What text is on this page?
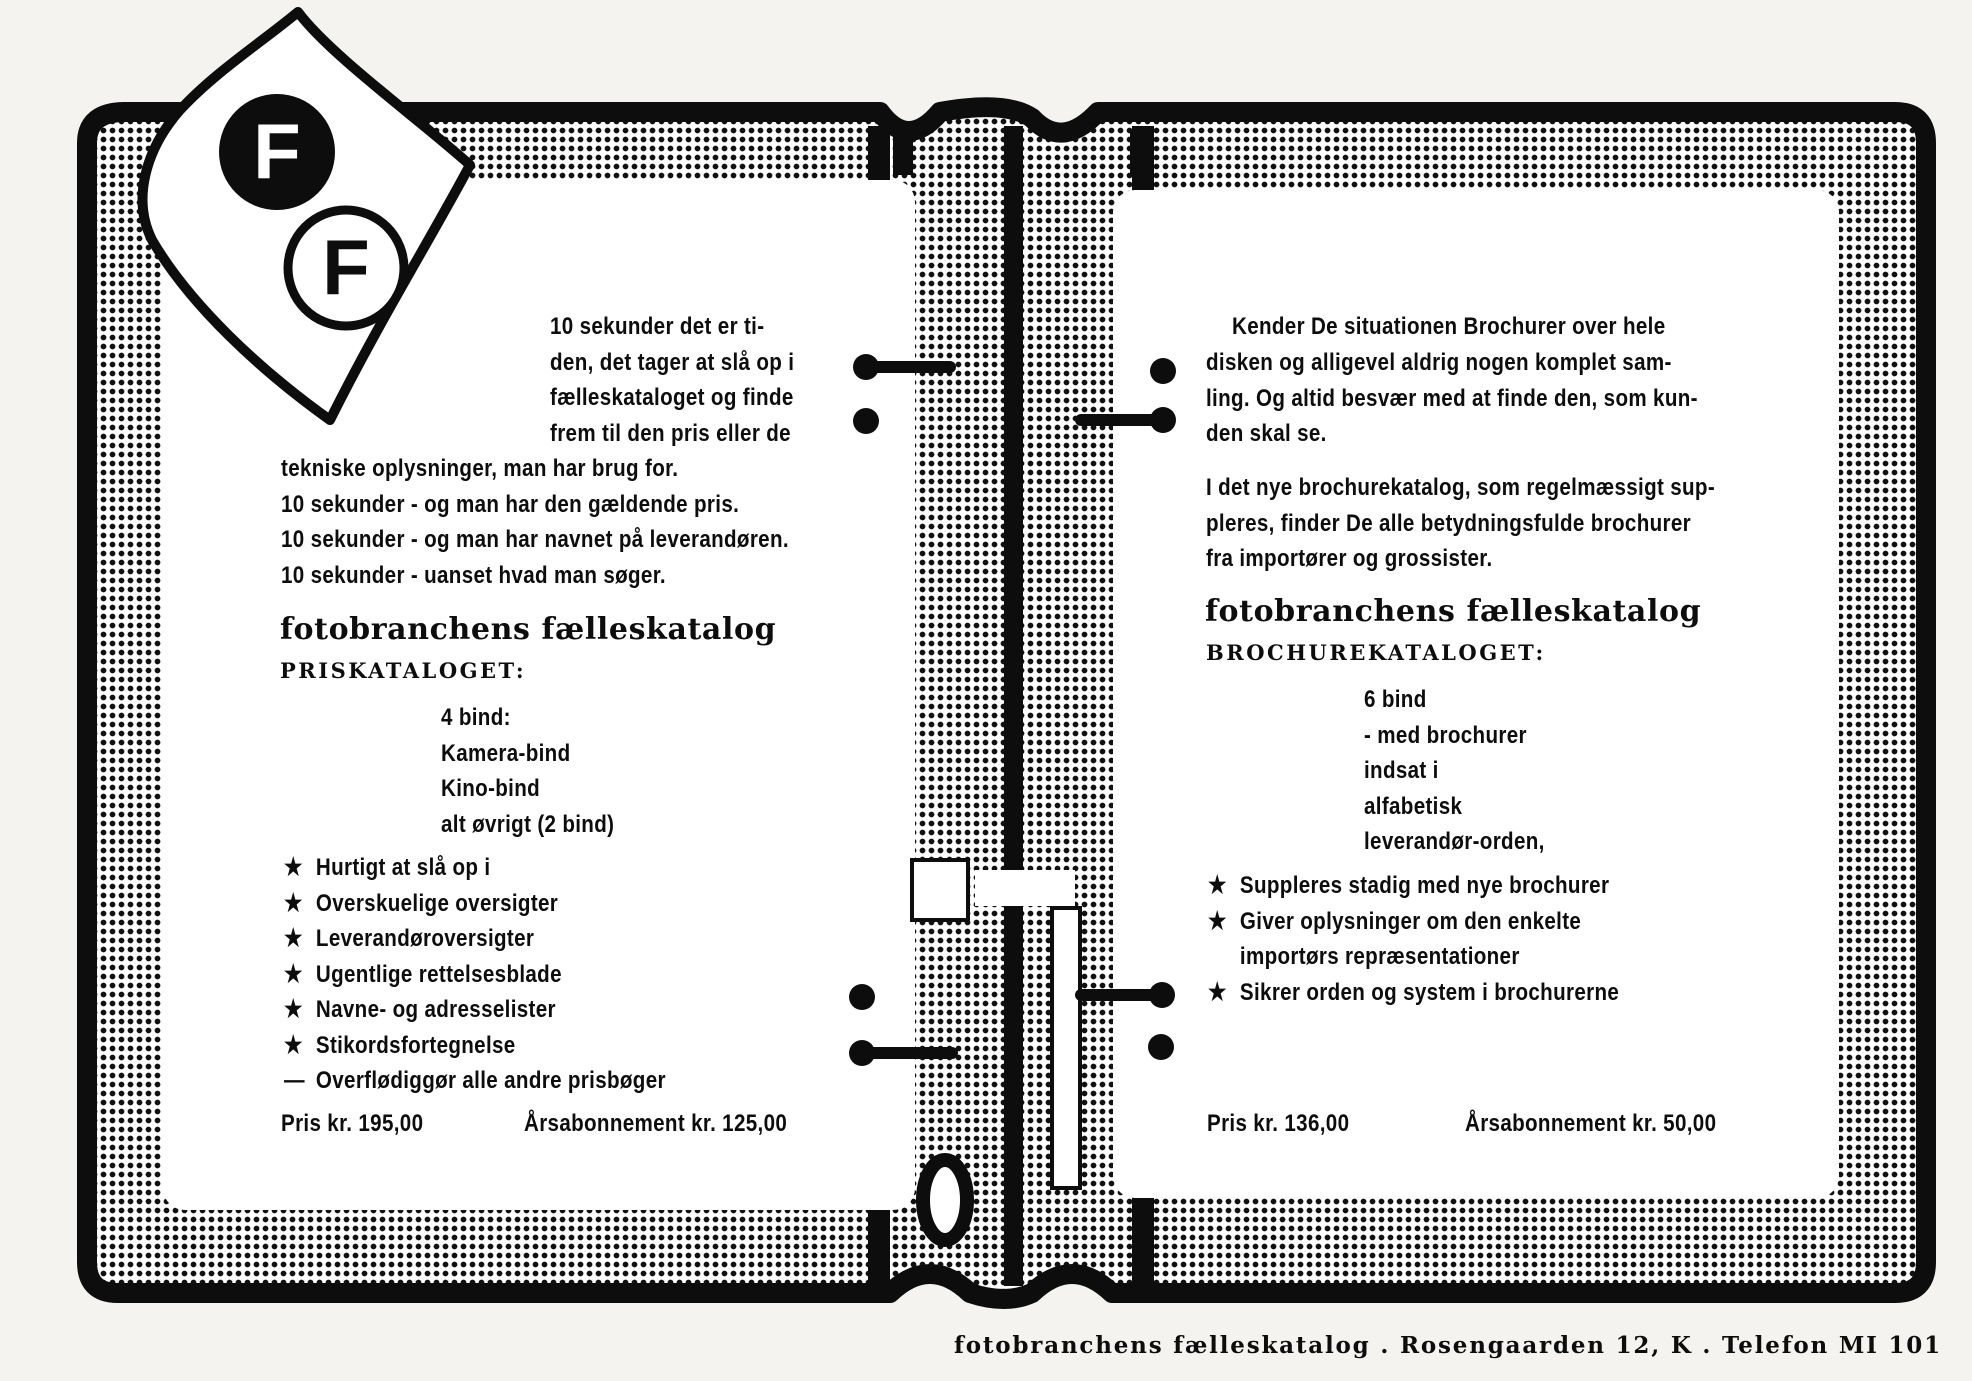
F
F
10 sekunder det er ti-
den, det tager at slå op i
fælleskataloget og finde
frem til den pris eller de
tekniske oplysninger, man har brug for.
10 sekunder - og man har den gældende pris.
10 sekunder - og man har navnet på leverandøren.
10 sekunder - uanset hvad man søger.
fotobranchens fælleskatalog
PRISKATALOGET:
4 bind:
Kamera-bind
Kino-bind
alt øvrigt (2 bind)
★ Hurtigt at slå op i
★ Overskuelige oversigter
★ Leverandøroversigter
★ Ugentlige rettelsesblade
★ Navne- og adresselister
★ Stikordsfortegnelse
— Overflødiggør alle andre prisbøger
Pris kr. 195,00	Årsabonnement kr. 125,00
Kender De situationen Brochurer over hele
disken og alligevel aldrig nogen komplet sam-
ling. Og altid besvær med at finde den, som kun-
den skal se.
I det nye brochurekatalog, som regelmæssigt sup-
pleres, finder De alle betydningsfulde brochurer
fra importører og grossister.
fotobranchens fælleskatalog
BROCHUREKATALOGET:
6 bind
- med brochurer
indsat i
alfabetisk
leverandør-orden,
★ Suppleres stadig med nye brochurer
★ Giver oplysninger om den enkelte
importørs repræsentationer
★ Sikrer orden og system i brochurerne
Pris kr. 136,00	Årsabonnement kr. 50,00
fotobranchens fælleskatalog . Rosengaarden 12, K . Telefon MI 101
